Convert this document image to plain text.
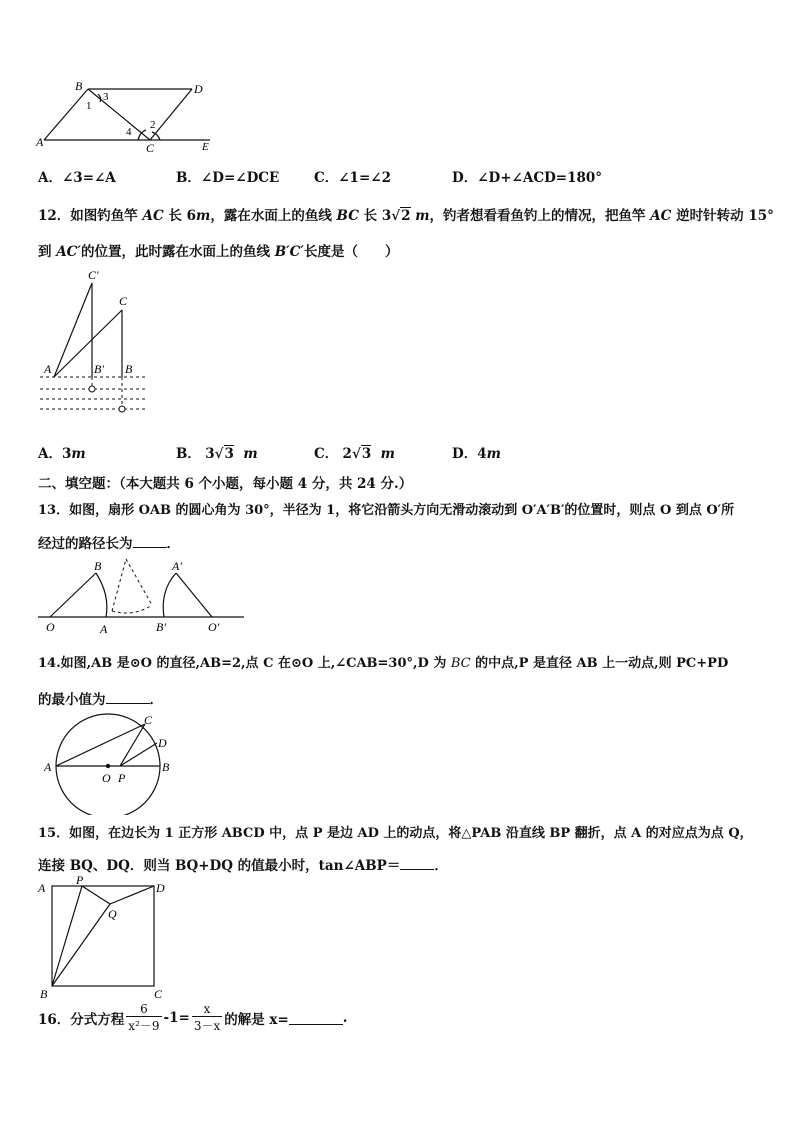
B	D
A	C	E
1
3
4
2
A．∠3=∠A	B．∠D=∠DCE	C．∠1=∠2	D．∠D+∠ACD=180°
12．如图钓鱼竿 AC 长 6m，露在水面上的鱼线 BC 长 3√2 m，钓者想看看鱼钓上的情况，把鱼竿 AC 逆时针转动 15°
到 AC′的位置，此时露在水面上的鱼线 B′C′长度是（　　）
C′
C
A	B′ B
A．3m	B． 3√3 m	C． 2√3 m	D．4m
二、填空题：（本大题共 6 个小题，每小题 4 分，共 24 分.）
13．如图，扇形 OAB 的圆心角为 30°，半径为 1，将它沿箭头方向无滑动滚动到 O′A′B′的位置时，则点 O 到点 O′所
经过的路径长为	．
B	A′
O	A	B′	O′
14.如图,AB 是⊙O 的直径,AB=2,点 C 在⊙O 上,∠CAB=30°,D 为 BC 的中点,P 是直径 AB 上一动点,则 PC+PD
的最小值为	．
C
D
A
O P
B
15．如图，在边长为 1 正方形 ABCD 中，点 P 是边 AD 上的动点，将△PAB 沿直线 BP 翻折，点 A 的对应点为点 Q，
连接 BQ、DQ．则当 BQ+DQ 的值最小时，tan∠ABP＝	．
A
P
D
Q
B	C
16．分式方程 $\frac{6}{\text{x²－9}} -1= \frac{x}{3-x}$ 的解是 x=	.
